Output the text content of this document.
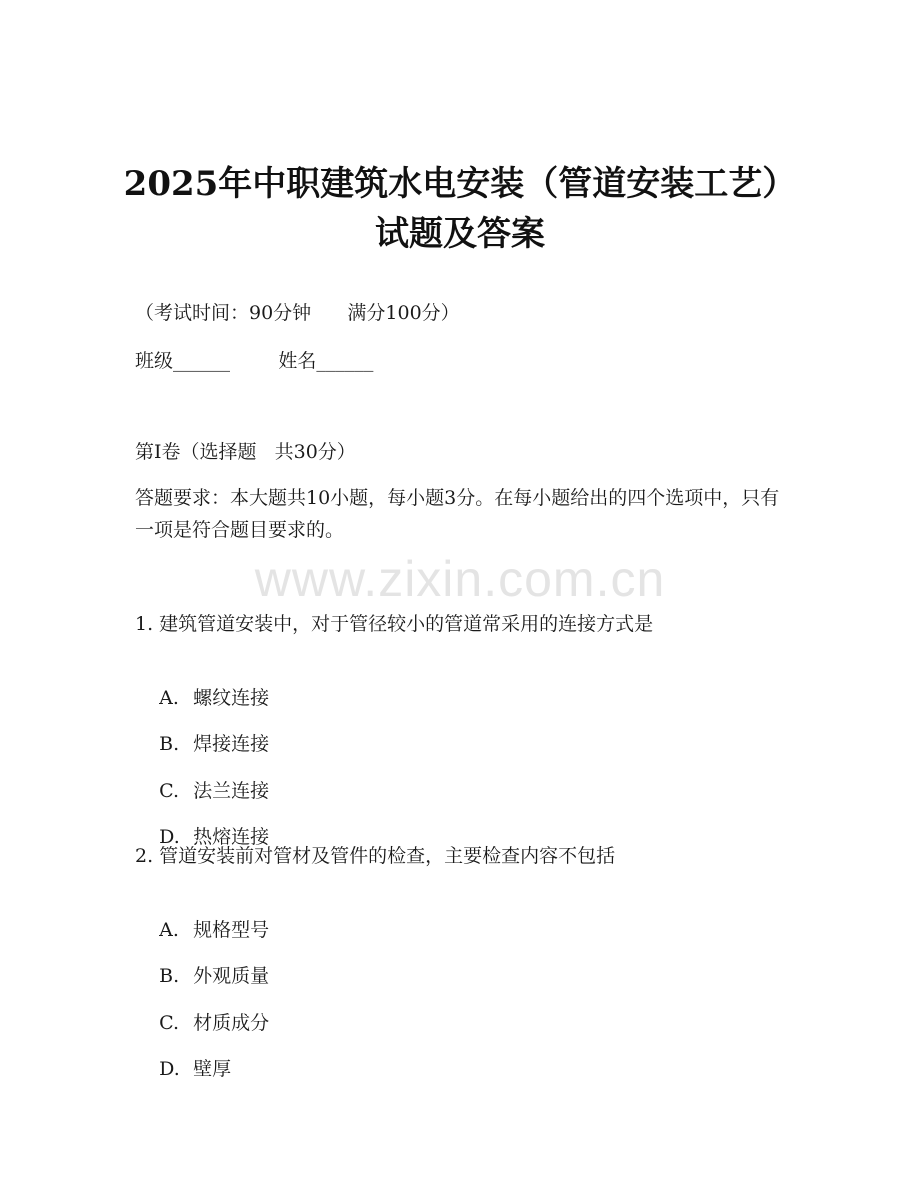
2025年中职建筑水电安装（管道安装工艺）
试题及答案
（考试时间：90分钟      满分100分）
班级______        姓名______
第Ⅰ卷（选择题   共30分）
答题要求：本大题共10小题，每小题3分。在每小题给出的四个选项中，只有一项是符合题目要求的。
www.zixin.com.cn
1. 建筑管道安装中，对于管径较小的管道常采用的连接方式是

A. 螺纹连接

B. 焊接连接

C. 法兰连接

D. 热熔连接

2. 管道安装前对管材及管件的检查，主要检查内容不包括

A. 规格型号

B. 外观质量

C. 材质成分

D. 壁厚
